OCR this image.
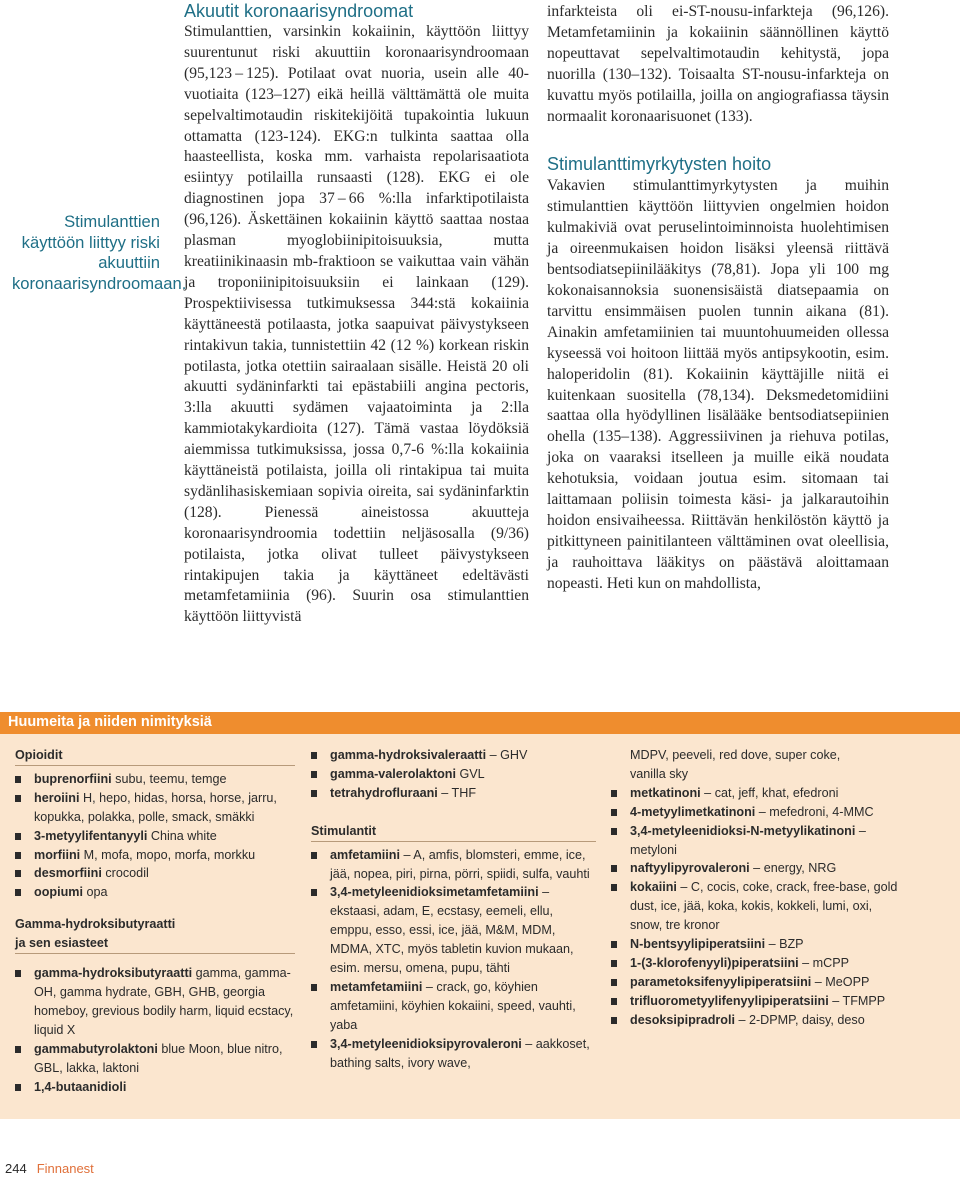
Akuutit koronaarisyndroomat

Stimulanttien, varsinkin kokaiinin, käyttöön liittyy suurentunut riski akuuttiin koronaarisyndroomaan (95,123 – 125). Potilaat ovat nuoria, usein alle 40-vuotiaita (123–127) eikä heillä välttämättä ole muita sepelvaltimotaudin riskitekijöitä tupakointia lukuun ottamatta (123-124). EKG:n tulkinta saattaa olla haasteellista, koska mm. varhaista repolarisaatiota esiintyy potilailla runsaasti (128). EKG ei ole diagnostinen jopa 37 – 66 %:lla infarktipotilaista (96,126). Äskettäinen kokaiinin käyttö saattaa nostaa plasman myoglobiinipitoisuuksia, mutta kreatiinikinaasin mb-fraktioon se vaikuttaa vain vähän ja troponiinipitoisuuksiin ei lainkaan (129). Prospektiivisessa tutkimuksessa 344:stä kokaiinia käyttäneestä potilaasta, jotka saapuivat päivystykseen rintakivun takia, tunnistettiin 42 (12 %) korkean riskin potilasta, jotka otettiin sairaalaan sisälle. Heistä 20 oli akuutti sydäninfarkti tai epästabiili angina pectoris, 3:lla akuutti sydämen vajaatoiminta ja 2:lla kammiotakykardioita (127). Tämä vastaa löydöksiä aiemmissa tutkimuksissa, jossa 0,7-6 %:lla kokaiinia käyttäneistä potilaista, joilla oli rintakipua tai muita sydänlihasiskemiaan sopivia oireita, sai sydäninfarktin (128). Pienessä aineistossa akuutteja koronaarisyndroomia todettiin neljäsosalla (9/36) potilaista, jotka olivat tulleet päivystykseen rintakipujen takia ja käyttäneet edeltävästi metamfetamiinia (96). Suurin osa stimulanttien käyttöön liittyvistä

Stimulanttien käyttöön liittyy riski akuuttiin koronaarisyndroomaan.

infarkteista oli ei-ST-nousu-infarkteja (96,126). Metamfetamiinin ja kokaiinin säännöllinen käyttö nopeuttavat sepelvaltimotaudin kehitystä, jopa nuorilla (130–132). Toisaalta ST-nousu-infarkteja on kuvattu myös potilailla, joilla on angiografiassa täysin normaalit koronaarisuonet (133).

Stimulanttimyrkytysten hoito

Vakavien stimulanttimyrkytysten ja muihin stimulanttien käyttöön liittyvien ongelmien hoidon kulmakiviä ovat peruselintoiminnoista huolehtimisen ja oireenmukaisen hoidon lisäksi yleensä riittävä bentsodiatsepiinilääkitys (78,81). Jopa yli 100 mg kokonaisannoksia suonensisäistä diatsepaamia on tarvittu ensimmäisen puolen tunnin aikana (81). Ainakin amfetamiinien tai muuntohuumeiden ollessa kyseessä voi hoitoon liittää myös antipsykootin, esim. haloperidolin (81). Kokaiinin käyttäjille niitä ei kuitenkaan suositella (78,134). Deksmedetomidiini saattaa olla hyödyllinen lisälääke bentsodiatsepiinien ohella (135–138). Aggressiivinen ja riehuva potilas, joka on vaaraksi itselleen ja muille eikä noudata kehotuksia, voidaan joutua esim. sitomaan tai laittamaan poliisin toimesta käsi- ja jalkarautoihin hoidon ensivaiheessa. Riittävän henkilöstön käyttö ja pitkittyneen painitilanteen välttäminen ovat oleellisia, ja rauhoittava lääkitys on päästävä aloittamaan nopeasti. Heti kun on mahdollista,

Huumeita ja niiden nimityksiä
Opioidit
buprenorfiini subu, teemu, temge
heroiini H, hepo, hidas, horsa, horse, jarru, kopukka, polakka, polle, smack, smäkki
3-metyylifentanyyli China white
morfiini M, mofa, mopo, morfa, morkku
desmorfiini crocodil
oopiumi opa
Gamma-hydroksibutyraatti
ja sen esiasteet
gamma-hydroksibutyraatti gamma, gamma-OH, gamma hydrate, GBH, GHB, georgia homeboy, grevious bodily harm, liquid ecstacy, liquid X
gammabutyrolaktoni blue Moon, blue nitro, GBL, lakka, laktoni
1,4-butaanidioli
gamma-hydroksivaleraatti – GHV
gamma-valerolaktoni GVL
tetrahydrofluraani – THF
Stimulantit
amfetamiini – A, amfis, blomsteri, emme, ice, jää, nopea, piri, pirna, pörri, spiidi, sulfa, vauhti
3,4-metyleenidioksimetamfetamiini – ekstaasi, adam, E, ecstasy, eemeli, ellu, emppu, esso, essi, ice, jää, M&M, MDM, MDMA, XTC, myös tabletin kuvion mukaan, esim. mersu, omena, pupu, tähti
metamfetamiini – crack, go, köyhien amfetamiini, köyhien kokaiini, speed, vauhti, yaba
3,4-metyleenidioksipyrovaleroni – aakkoset, bathing salts, ivory wave,
MDPV, peeveli, red dove, super coke,
vanilla sky
metkatinoni – cat, jeff, khat, efedroni
4-metyylimetkatinoni – mefedroni, 4-MMC
3,4-metyleenidioksi-N-metyylikatinoni – metyloni
naftyylipyrovaleroni – energy, NRG
kokaiini – C, cocis, coke, crack, free-base, gold dust, ice, jää, koka, kokis, kokkeli, lumi, oxi, snow, tre kronor
N-bentsyylipiperatsiini – BZP
1-(3-klorofenyyli)piperatsiini – mCPP
parametoksifenyylipiperatsiini – MeOPP
trifluorometyylifenyylipiperatsiini – TFMPP
desoksipipradroli – 2-DPMP, daisy, deso
244 Finnanest
